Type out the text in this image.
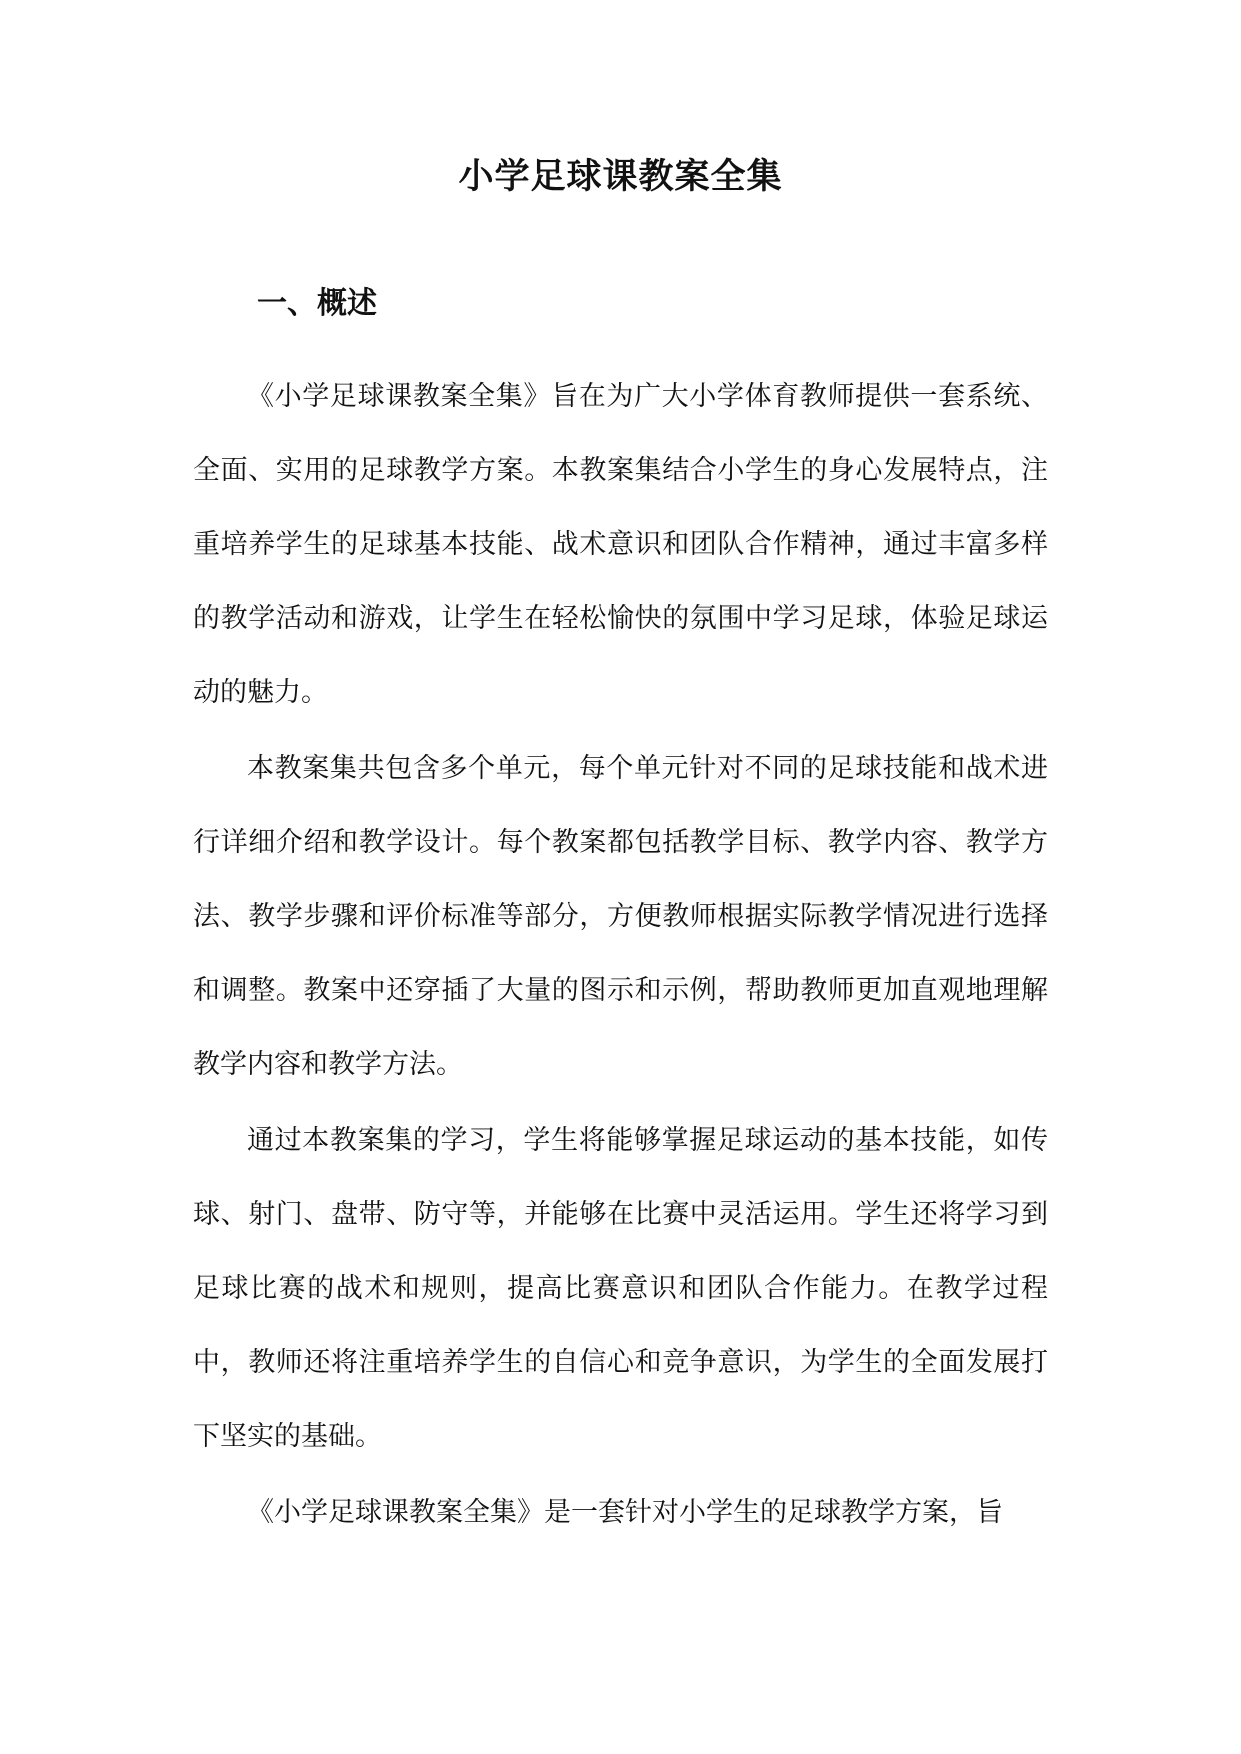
小学足球课教案全集
一、概述

《小学足球课教案全集》旨在为广大小学体育教师提供一套系统、全面、实用的足球教学方案。本教案集结合小学生的身心发展特点，注重培养学生的足球基本技能、战术意识和团队合作精神，通过丰富多样的教学活动和游戏，让学生在轻松愉快的氛围中学习足球，体验足球运动的魅力。

本教案集共包含多个单元，每个单元针对不同的足球技能和战术进行详细介绍和教学设计。每个教案都包括教学目标、教学内容、教学方法、教学步骤和评价标准等部分，方便教师根据实际教学情况进行选择和调整。教案中还穿插了大量的图示和示例，帮助教师更加直观地理解教学内容和教学方法。

通过本教案集的学习，学生将能够掌握足球运动的基本技能，如传球、射门、盘带、防守等，并能够在比赛中灵活运用。学生还将学习到足球比赛的战术和规则，提高比赛意识和团队合作能力。在教学过程中，教师还将注重培养学生的自信心和竞争意识，为学生的全面发展打下坚实的基础。

《小学足球课教案全集》是一套针对小学生的足球教学方案，旨
